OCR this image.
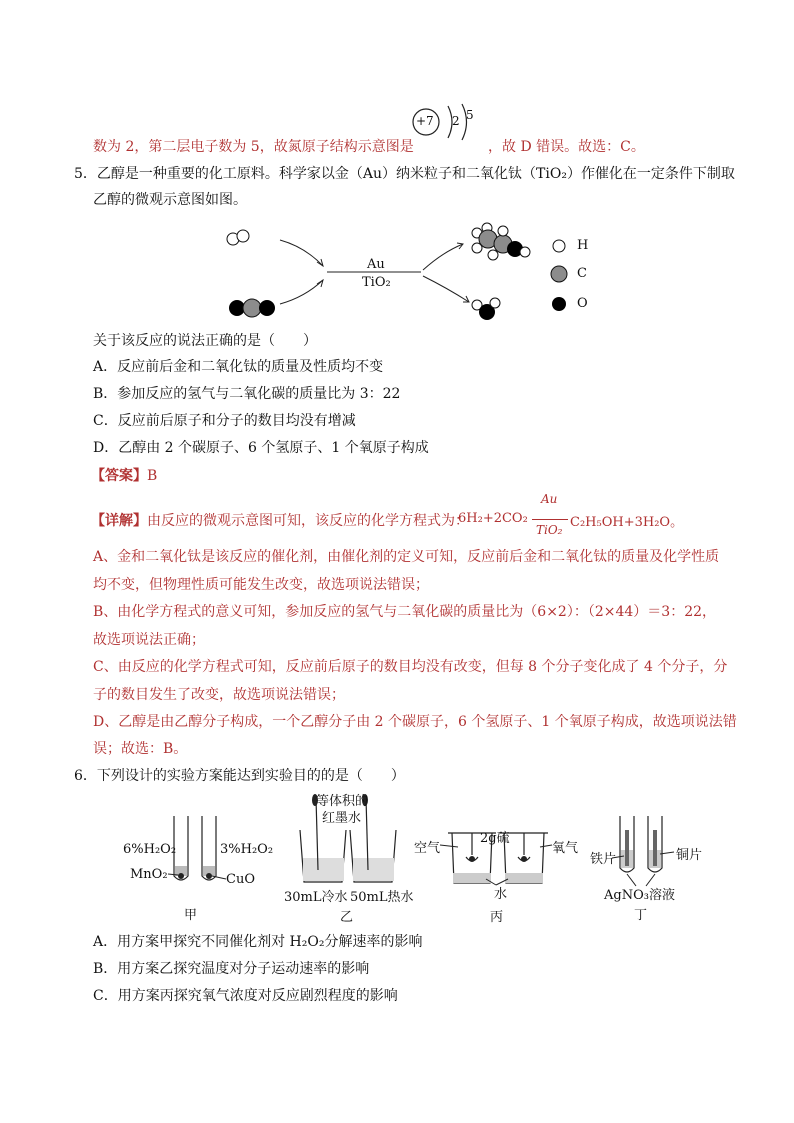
+7 2 5
数为 2，第二层电子数为 5，故氮原子结构示意图是	，故 D 错误。故选：C。
5．乙醇是一种重要的化工原料。科学家以金（Au）纳米粒子和二氧化钛（TiO₂）作催化在一定条件下制取
乙醇的微观示意图如图。
Au
TiO₂
H
C
O
关于该反应的说法正确的是（　　）
A．反应前后金和二氧化钛的质量及性质均不变
B．参加反应的氢气与二氧化碳的质量比为 3：22
C．反应前后原子和分子的数目均没有增减
D．乙醇由 2 个碳原子、6 个氢原子、1 个氧原子构成
【答案】B
【详解】由反应的微观示意图可知，该反应的化学方程式为：
6H₂+2CO₂
Au
TiO₂ C₂H₅OH+3H₂O。
A、金和二氧化钛是该反应的催化剂，由催化剂的定义可知，反应前后金和二氧化钛的质量及化学性质
均不变，但物理性质可能发生改变，故选项说法错误；
B、由化学方程式的意义可知，参加反应的氢气与二氧化碳的质量比为（6×2）：（2×44）＝3：22，
故选项说法正确；
C、由反应的化学方程式可知，反应前后原子的数目均没有改变，但每 8 个分子变化成了 4 个分子，分
子的数目发生了改变，故选项说法错误；
D、乙醇是由乙醇分子构成，一个乙醇分子由 2 个碳原子，6 个氢原子、1 个氧原子构成，故选项说法错
误；故选：B。
6．下列设计的实验方案能达到实验目的的是（　　）
6%H₂O₂
MnO₂
3%H₂O₂
CuO
甲
等体积的
红墨水
30mL冷水 50mL热水
乙
空气
2g硫
氧气
水
丙
铁片	铜片
AgNO₃溶液
丁
A．用方案甲探究不同催化剂对 H₂O₂分解速率的影响
B．用方案乙探究温度对分子运动速率的影响
C．用方案丙探究氧气浓度对反应剧烈程度的影响
